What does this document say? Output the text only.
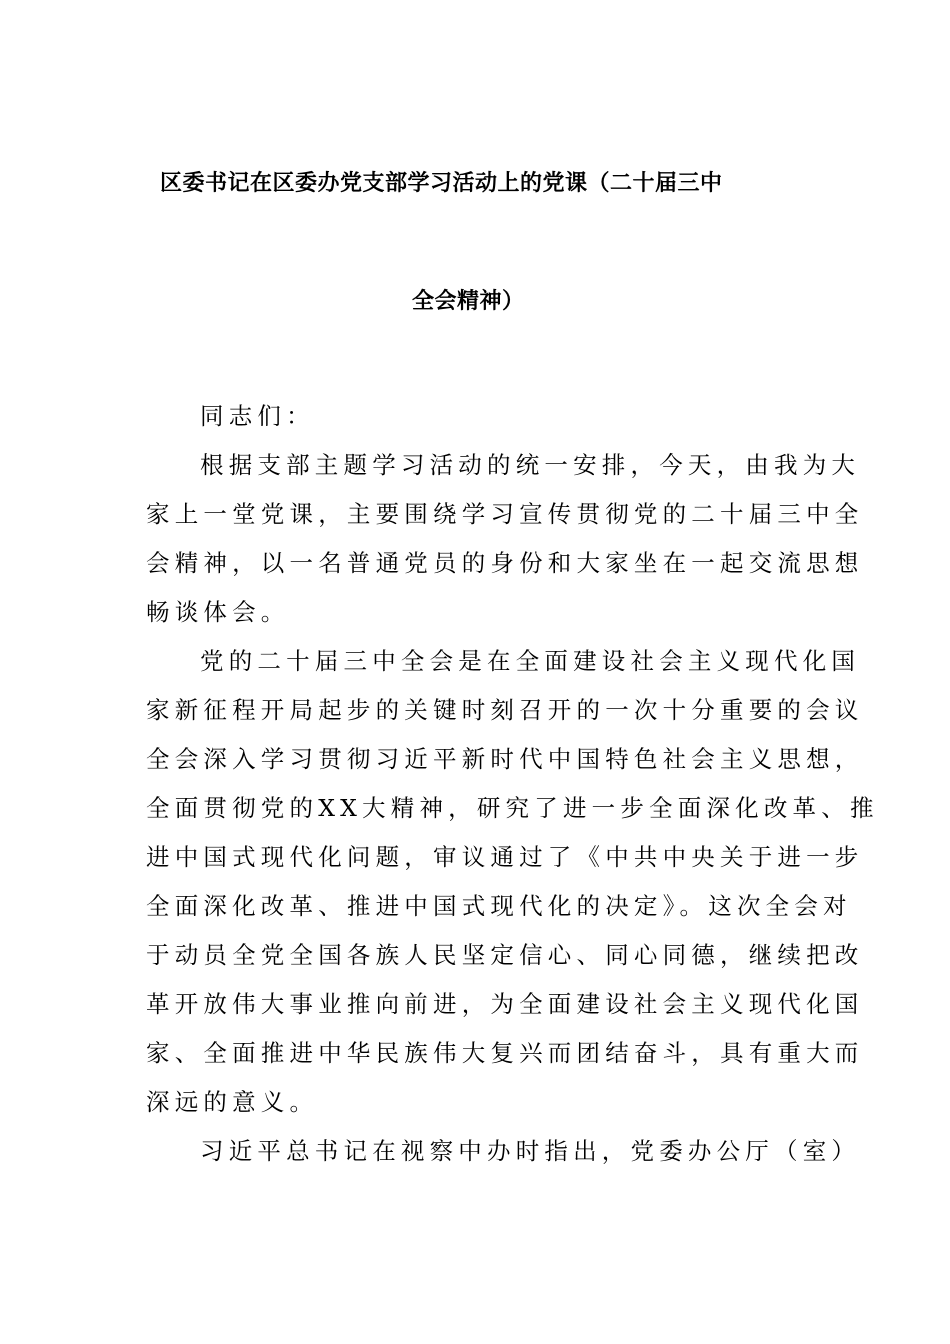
区委书记在区委办党支部学习活动上的党课（二十届三中
全会精神）
同志们：
根据支部主题学习活动的统一安排，今天，由我为大
家上一堂党课，主要围绕学习宣传贯彻党的二十届三中全
会精神，以一名普通党员的身份和大家坐在一起交流思想
畅谈体会。
党的二十届三中全会是在全面建设社会主义现代化国
家新征程开局起步的关键时刻召开的一次十分重要的会议
全会深入学习贯彻习近平新时代中国特色社会主义思想，
全面贯彻党的XX大精神，研究了进一步全面深化改革、推
进中国式现代化问题，审议通过了《中共中央关于进一步
全面深化改革、推进中国式现代化的决定》。这次全会对
于动员全党全国各族人民坚定信心、同心同德，继续把改
革开放伟大事业推向前进，为全面建设社会主义现代化国
家、全面推进中华民族伟大复兴而团结奋斗，具有重大而
深远的意义。
习近平总书记在视察中办时指出，党委办公厅（室）
